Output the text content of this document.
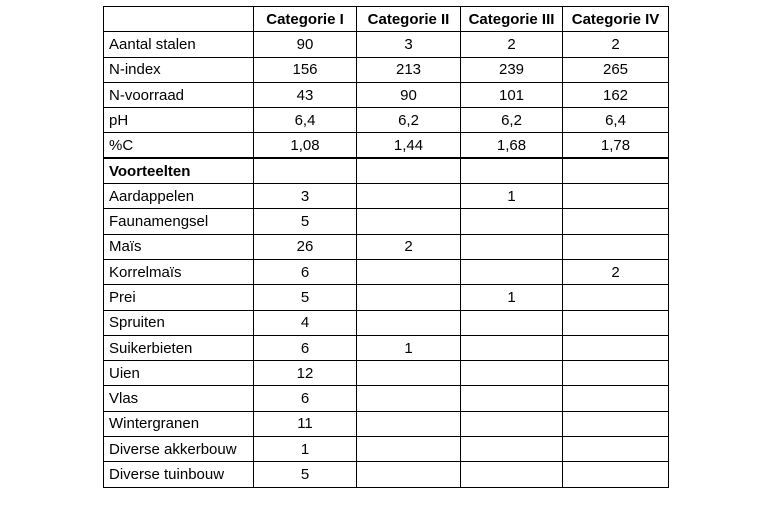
	Categorie I	Categorie II	Categorie III	Categorie IV
Aantal stalen	90	3	2	2
N-index	156	213	239	265
N-voorraad	43	90	101	162
pH	6,4	6,2	6,2	6,4
%C	1,08	1,44	1,68	1,78
Voorteelten				
Aardappelen	3		1	
Faunamengsel	5			
Maïs	26	2		
Korrelmaïs	6			2
Prei	5		1	
Spruiten	4			
Suikerbieten	6	1		
Uien	12			
Vlas	6			
Wintergranen	11			
Diverse akkerbouw	1			
Diverse tuinbouw	5			
